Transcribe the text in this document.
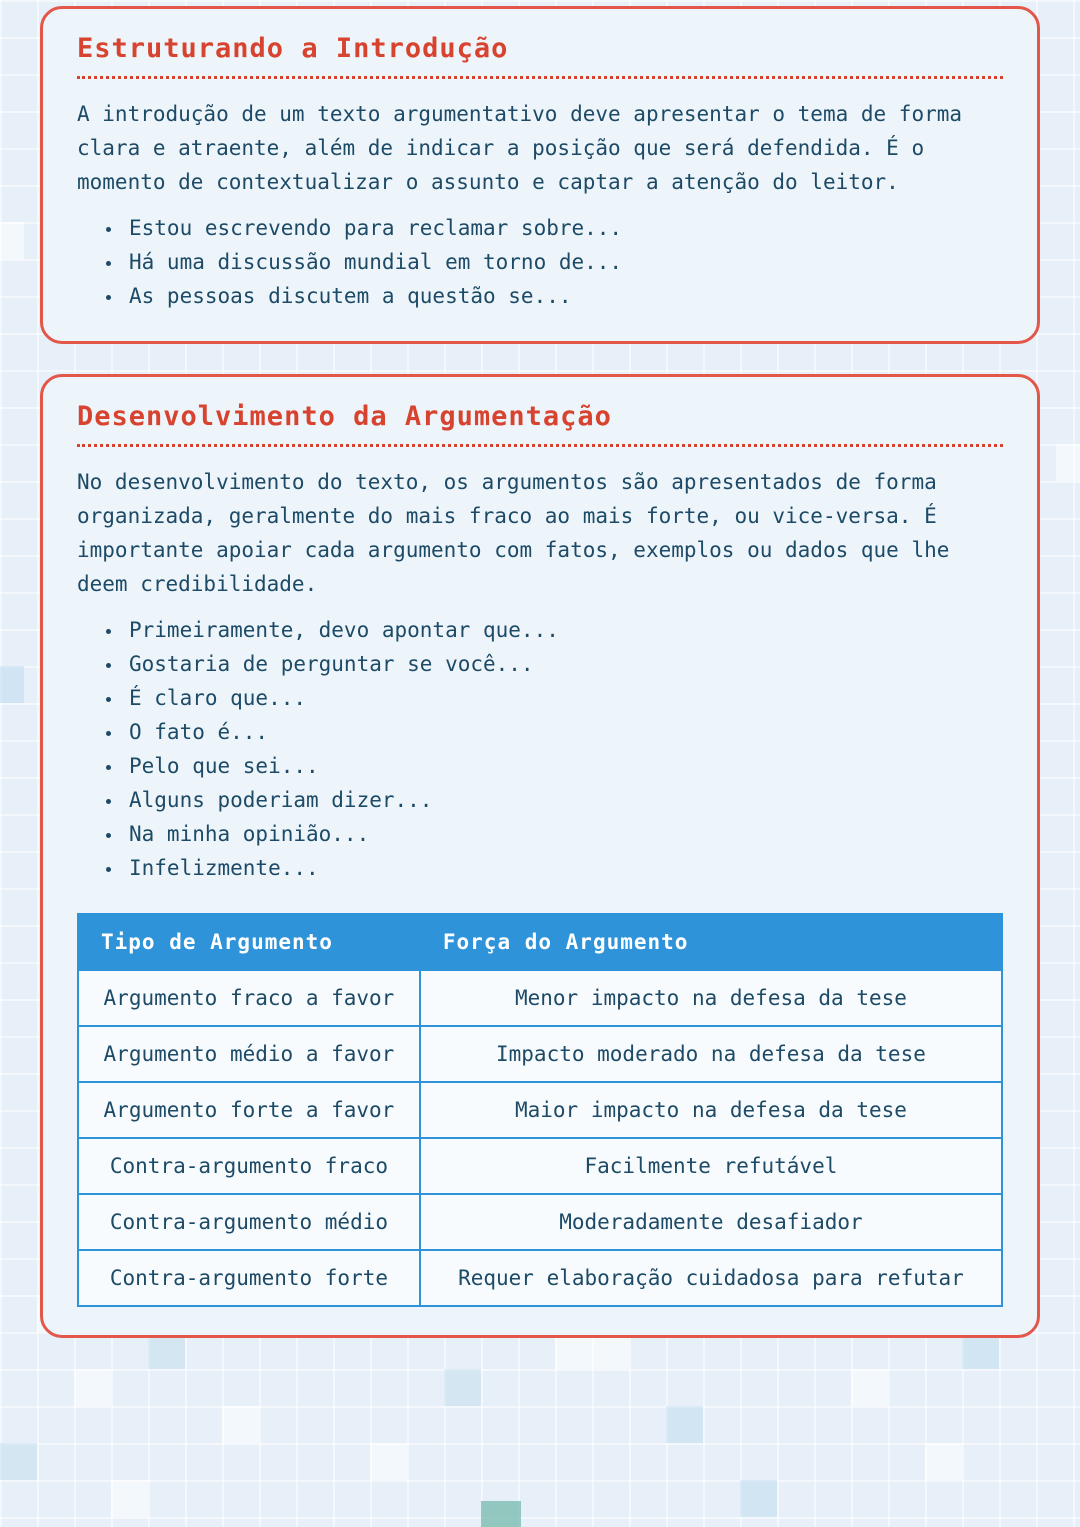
Estruturando a Introdução

A introdução de um texto argumentativo deve apresentar o tema de forma clara e atraente, além de indicar a posição que será defendida. É o momento de contextualizar o assunto e captar a atenção do leitor.

• Estou escrevendo para reclamar sobre...
• Há uma discussão mundial em torno de...
• As pessoas discutem a questão se...
Desenvolvimento da Argumentação

No desenvolvimento do texto, os argumentos são apresentados de forma organizada, geralmente do mais fraco ao mais forte, ou vice-versa. É importante apoiar cada argumento com fatos, exemplos ou dados que lhe deem credibilidade.

• Primeiramente, devo apontar que...
• Gostaria de perguntar se você...
• É claro que...
• O fato é...
• Pelo que sei...
• Alguns poderiam dizer...
• Na minha opinião...
• Infelizmente...
Tipo de Argumento	Força do Argumento
Argumento fraco a favor	Menor impacto na defesa da tese
Argumento médio a favor	Impacto moderado na defesa da tese
Argumento forte a favor	Maior impacto na defesa da tese
Contra-argumento fraco	Facilmente refutável
Contra-argumento médio	Moderadamente desafiador
Contra-argumento forte	Requer elaboração cuidadosa para refutar
